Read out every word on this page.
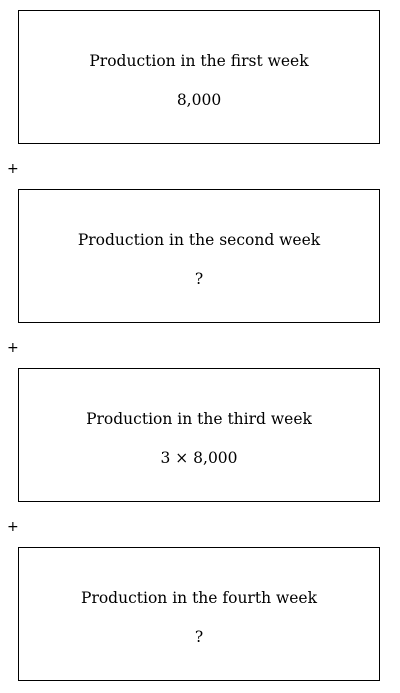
Production in the first week
8,000
+
Production in the second week
?
+
Production in the third week
3 × 8,000
+
Production in the fourth week
?
